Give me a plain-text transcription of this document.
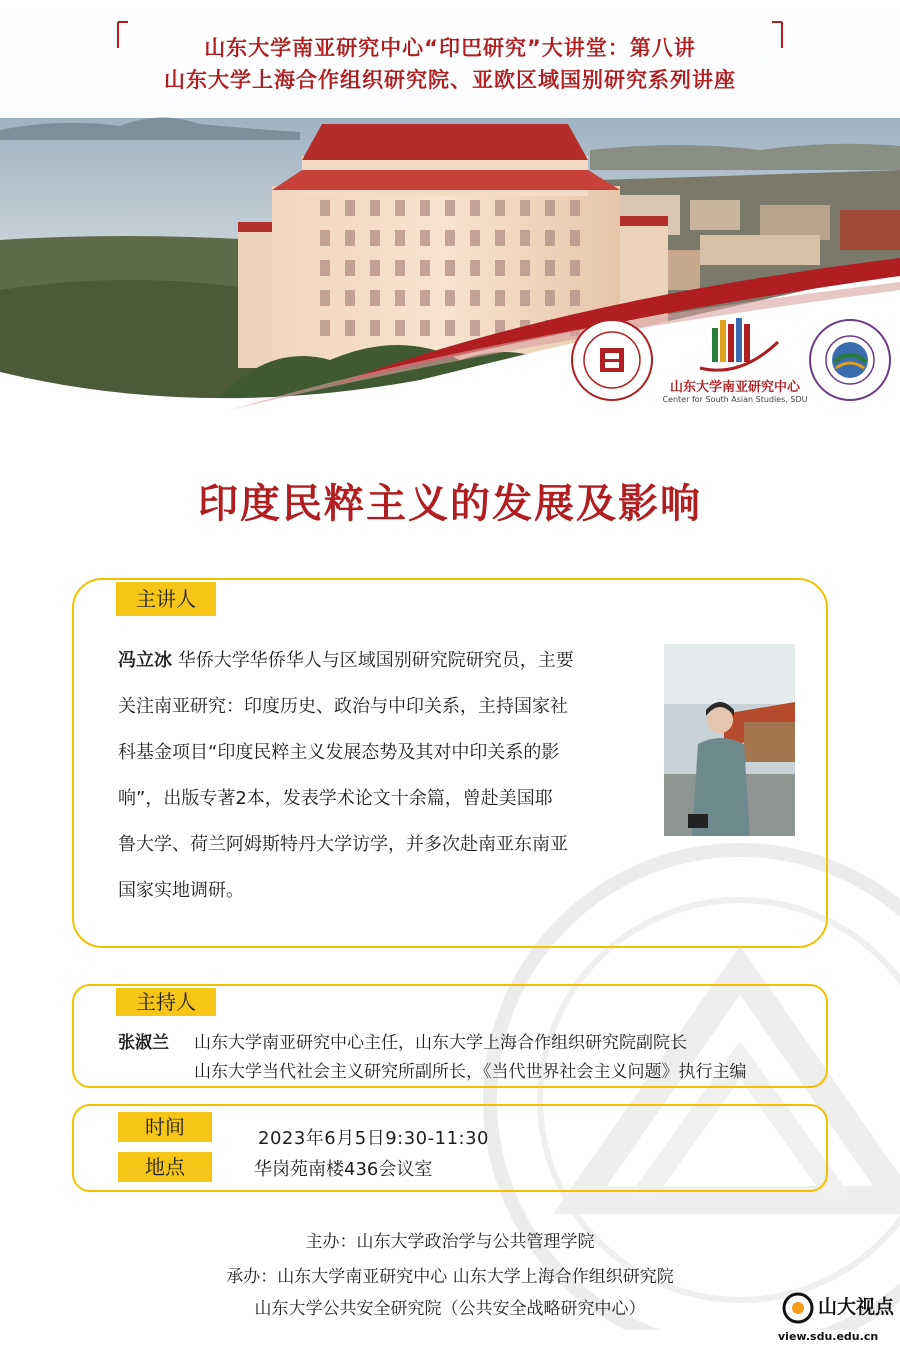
山东大学南亚研究中心“印巴研究”大讲堂：第八讲
山东大学上海合作组织研究院、亚欧区域国别研究系列讲座
山东大学南亚研究中心
Center for South Asian Studies, SDU
印度民粹主义的发展及影响
主讲人
冯立冰 华侨大学华侨华人与区域国别研究院研究员，主要
关注南亚研究：印度历史、政治与中印关系，主持国家社
科基金项目“印度民粹主义发展态势及其对中印关系的影
响”，出版专著2本，发表学术论文十余篇，曾赴美国耶
鲁大学、荷兰阿姆斯特丹大学访学，并多次赴南亚东南亚
国家实地调研。
主持人
张淑兰 山东大学南亚研究中心主任，山东大学上海合作组织研究院副院长
山东大学当代社会主义研究所副所长，《当代世界社会主义问题》执行主编
时间
地点
2023年6月5日9:30-11:30
华岗苑南楼436会议室
主办：山东大学政治学与公共管理学院
承办：山东大学南亚研究中心 山东大学上海合作组织研究院
山东大学公共安全研究院（公共安全战略研究中心）	山大视点
view.sdu.edu.cn
